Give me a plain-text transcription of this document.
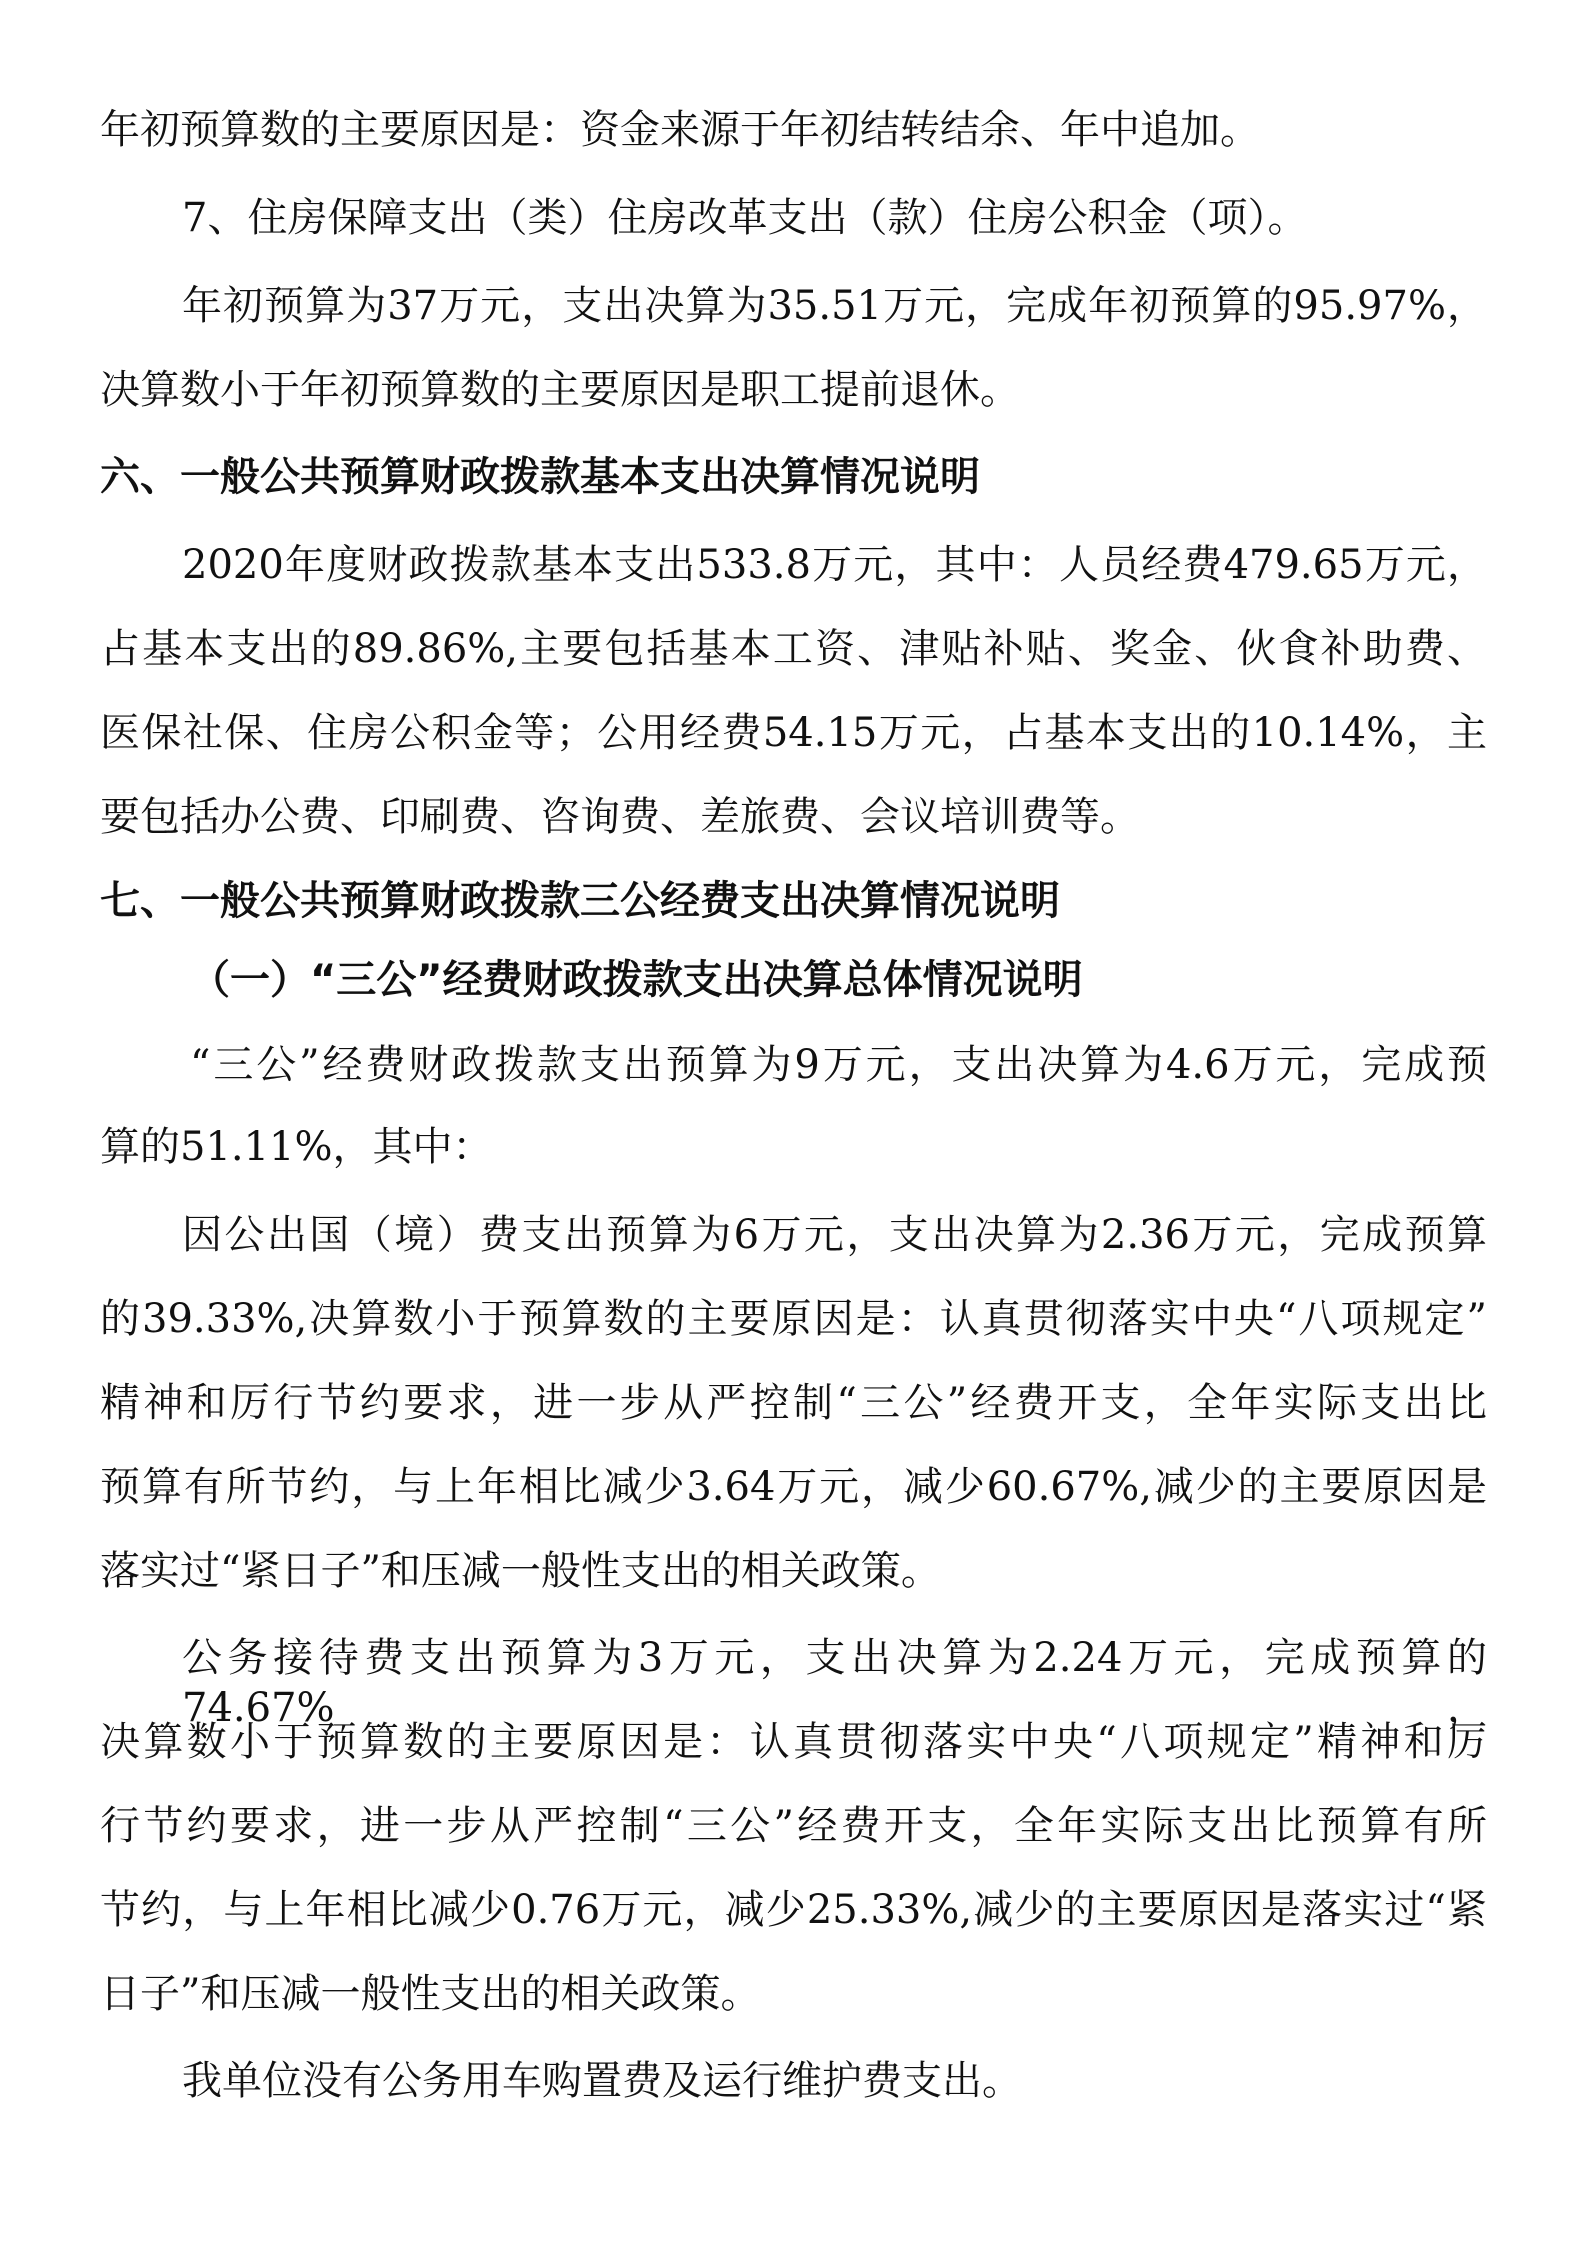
年初预算数的主要原因是：资金来源于年初结转结余、年中追加。
7、住房保障支出（类）住房改革支出（款）住房公积金（项）。
年初预算为37万元，支出决算为35.51万元，完成年初预算的95.97%，
决算数小于年初预算数的主要原因是职工提前退休。
六、一般公共预算财政拨款基本支出决算情况说明
2020年度财政拨款基本支出533.8万元，其中：人员经费479.65万元，
占基本支出的89.86%,主要包括基本工资、津贴补贴、奖金、伙食补助费、
医保社保、住房公积金等；公用经费54.15万元，占基本支出的10.14%，主
要包括办公费、印刷费、咨询费、差旅费、会议培训费等。
七、一般公共预算财政拨款三公经费支出决算情况说明
（一）“三公”经费财政拨款支出决算总体情况说明
“三公”经费财政拨款支出预算为9万元，支出决算为4.6万元，完成预
算的51.11%，其中：
因公出国（境）费支出预算为6万元，支出决算为2.36万元，完成预算
的39.33%,决算数小于预算数的主要原因是：认真贯彻落实中央“八项规定”
精神和厉行节约要求，进一步从严控制“三公”经费开支，全年实际支出比
预算有所节约，与上年相比减少3.64万元，减少60.67%,减少的主要原因是
落实过“紧日子”和压减一般性支出的相关政策。
公务接待费支出预算为3万元，支出决算为2.24万元，完成预算的74.67%，
决算数小于预算数的主要原因是：认真贯彻落实中央“八项规定”精神和厉
行节约要求，进一步从严控制“三公”经费开支，全年实际支出比预算有所
节约，与上年相比减少0.76万元，减少25.33%,减少的主要原因是落实过“紧
日子”和压减一般性支出的相关政策。
我单位没有公务用车购置费及运行维护费支出。
